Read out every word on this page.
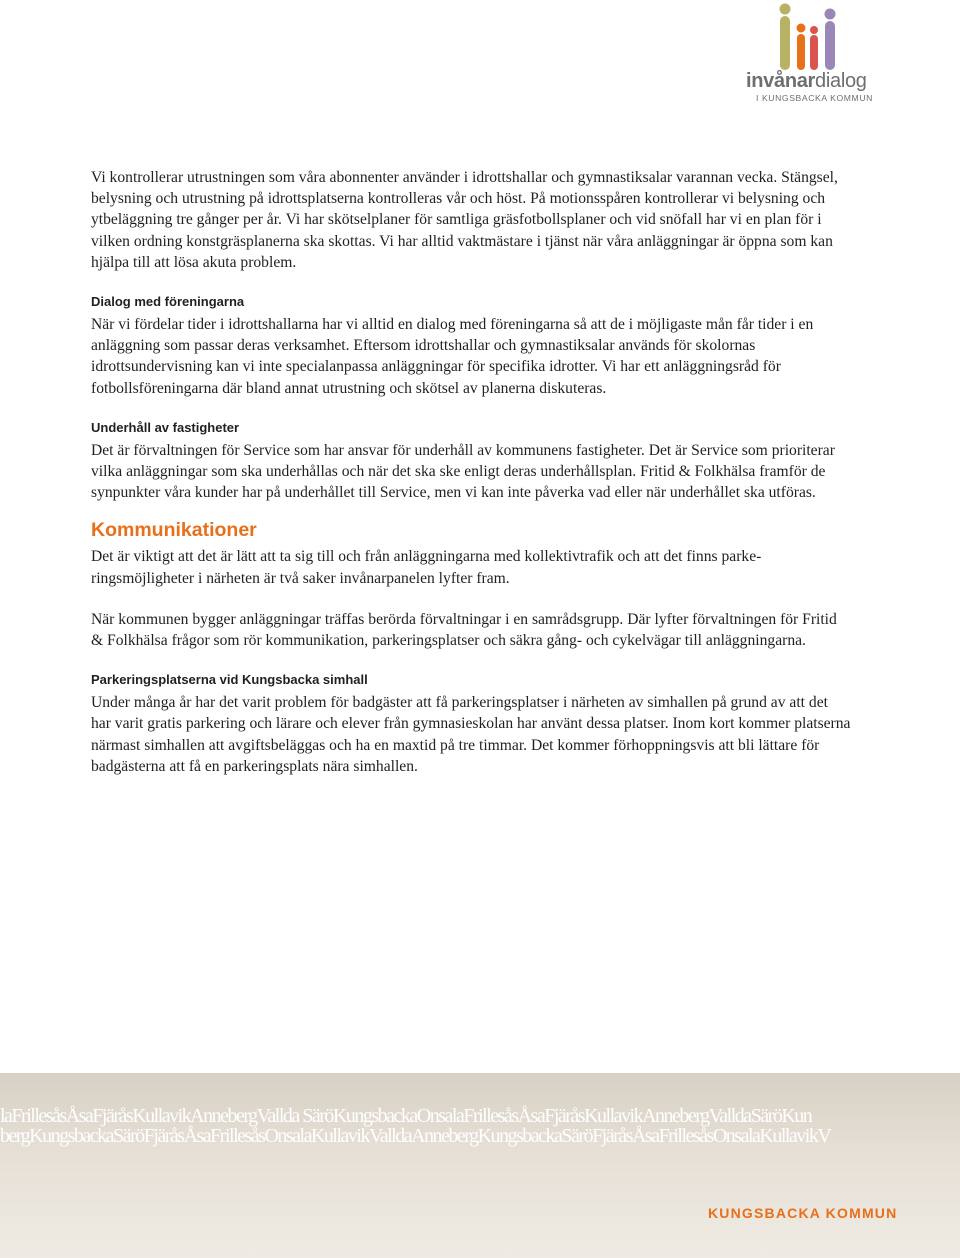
invånardialog
I KUNGSBACKA KOMMUN

Vi kontrollerar utrustningen som våra abonnenter använder i idrottshallar och gymnastiksalar varannan vecka. Stängsel, belysning och utrustning på idrottsplatserna kontrolleras vår och höst. På motionsspåren kontrollerar vi belysning och ytbeläggning tre gånger per år. Vi har skötselplaner för samtliga gräsfotbollsplaner och vid snöfall har vi en plan för i vilken ordning konstgräsplanerna ska skottas. Vi har alltid vaktmästare i tjänst när våra anläggningar är öppna som kan hjälpa till att lösa akuta problem.

Dialog med föreningarna

När vi fördelar tider i idrottshallarna har vi alltid en dialog med föreningarna så att de i möjligaste mån får tider i en anläggning som passar deras verksamhet. Eftersom idrottshallar och gymnastiksalar används för skolornas idrottsundervisning kan vi inte specialanpassa anläggningar för specifika idrotter. Vi har ett anläggningsråd för fotbollsföreningarna där bland annat utrustning och skötsel av planerna diskuteras.

Underhåll av fastigheter

Det är förvaltningen för Service som har ansvar för underhåll av kommunens fastigheter. Det är Service som prioriterar vilka anläggningar som ska underhållas och när det ska ske enligt deras underhållsplan. Fritid & Folkhälsa framför de synpunkter våra kunder har på underhållet till Service, men vi kan inte påverka vad eller när underhållet ska utföras.

Kommunikationer

Det är viktigt att det är lätt att ta sig till och från anläggningarna med kollektivtrafik och att det finns parkeringsmöjligheter i närheten är två saker invånarpanelen lyfter fram.

När kommunen bygger anläggningar träffas berörda förvaltningar i en samrådsgrupp. Där lyfter förvaltningen för Fritid & Folkhälsa frågor som rör kommunikation, parkeringsplatser och säkra gång- och cykelvägar till anläggningarna.

Parkeringsplatserna vid Kungsbacka simhall

Under många år har det varit problem för badgäster att få parkeringsplatser i närheten av simhallen på grund av att det har varit gratis parkering och lärare och elever från gymnasieskolan har använt dessa platser. Inom kort kommer platserna närmast simhallen att avgiftsbeläggas och ha en maxtid på tre timmar. Det kommer förhoppningsvis att bli lättare för badgästerna att få en parkeringsplats nära simhallen.

laFrillesåsÅsaFjäråsKullavikAnnebergVallda SäröKungsbackaOnsalaFrillesåsÅsaFjäråsKullavikAnnebergValldaSäröKun
bergKungsbackaSäröFjäråsÅsaFrillesåsOnsalaKullavikValldaAnnebergKungsbackaSäröFjäråsÅsaFrillesåsOnsalaKullavikV
KUNGSBACKA KOMMUN
